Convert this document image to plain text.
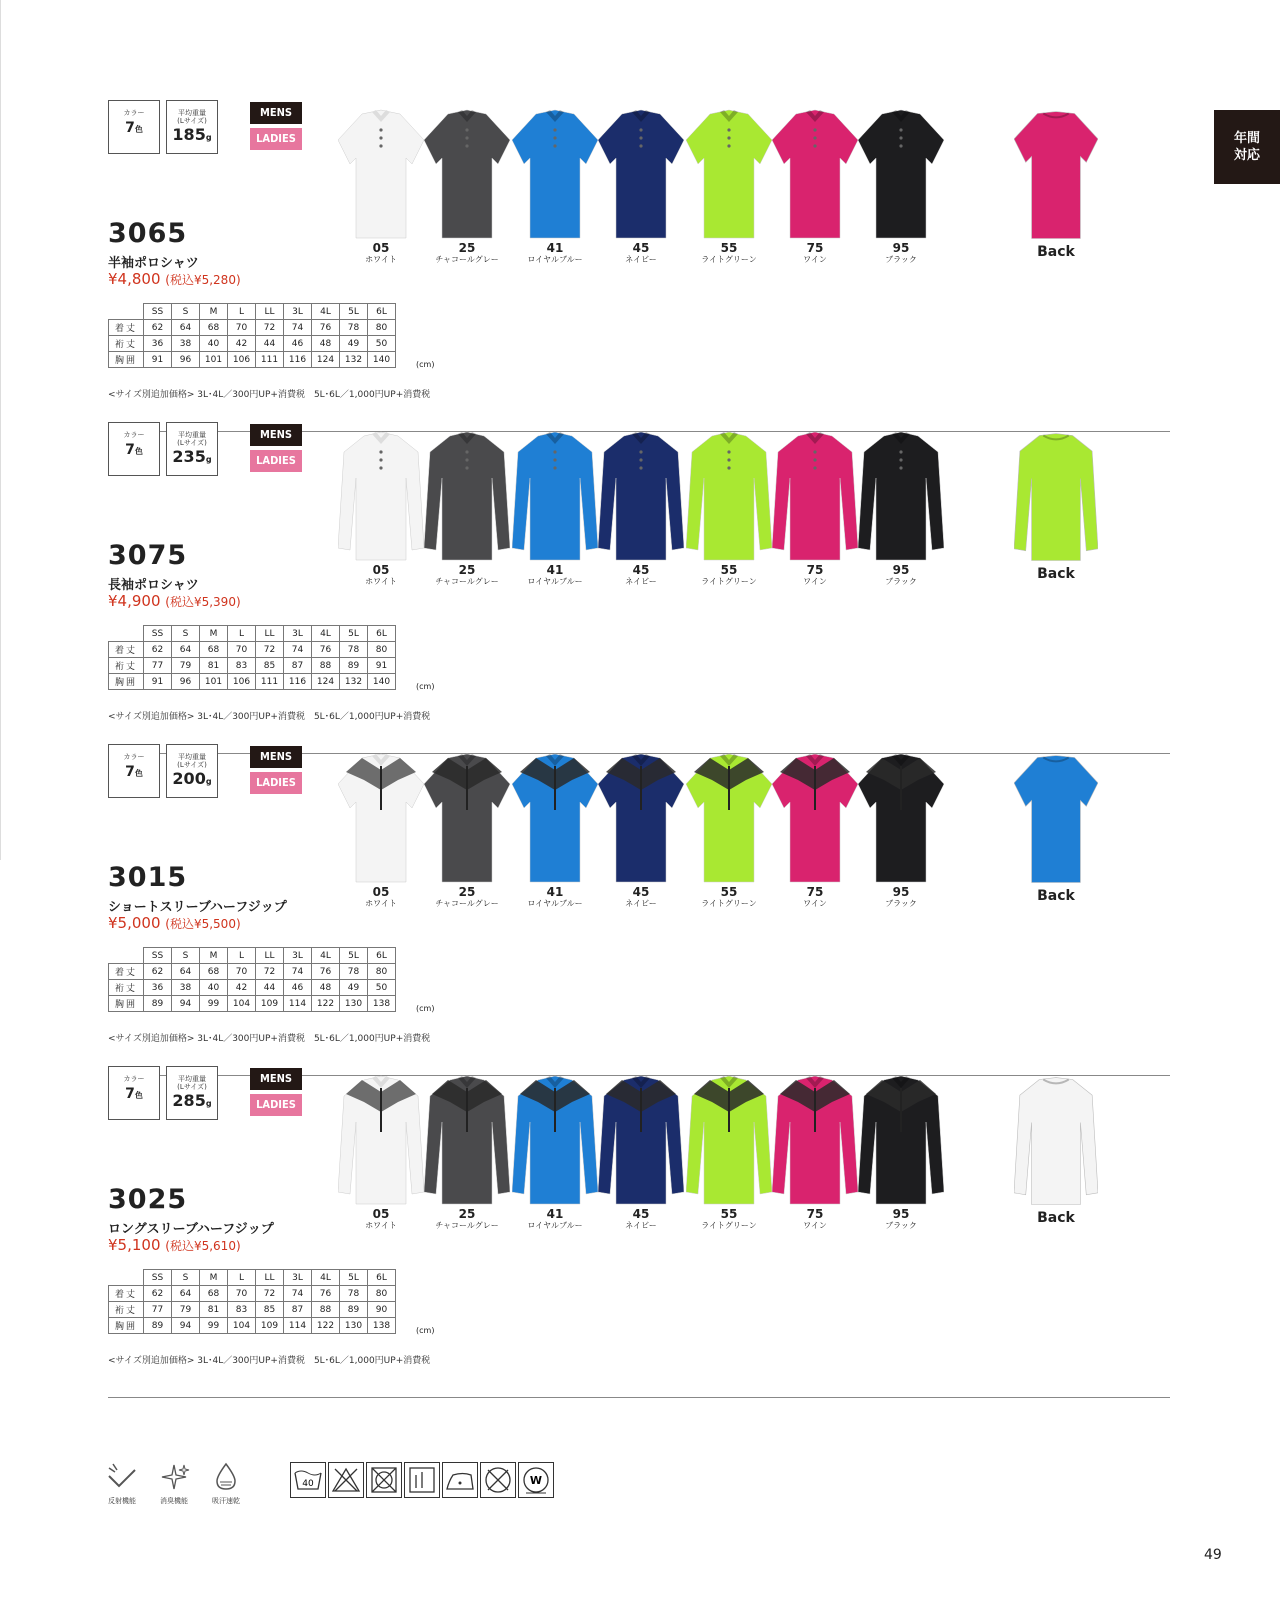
年間
対応
カラー
7色
平均重量
(Lサイズ)
185g
MENS
LADIES
3065
半袖ポロシャツ
¥4,800 (税込¥5,280)
	SS	S	M	L	LL	3L	4L	5L	6L
着丈	62	64	68	70	72	74	76	78	80
裄丈	36	38	40	42	44	46	48	49	50
胸囲	91	96	101	106	111	116	124	132	140	(cm)
<サイズ別追加価格> 3L･4L／300円UP+消費税　5L･6L／1,000円UP+消費税
05
ホワイト
25
チャコールグレー
41
ロイヤルブルー
45
ネイビー
55
ライトグリーン
75
ワイン
95
ブラック	Back
カラー
7色
平均重量
(Lサイズ)
235g
MENS
LADIES
3075
長袖ポロシャツ
¥4,900 (税込¥5,390)
	SS	S	M	L	LL	3L	4L	5L	6L
着丈	62	64	68	70	72	74	76	78	80
裄丈	77	79	81	83	85	87	88	89	91
胸囲	91	96	101	106	111	116	124	132	140	(cm)
<サイズ別追加価格> 3L･4L／300円UP+消費税　5L･6L／1,000円UP+消費税
05
ホワイト
25
チャコールグレー
41
ロイヤルブルー
45
ネイビー
55
ライトグリーン
75
ワイン
95
ブラック	Back
カラー
7色
平均重量
(Lサイズ)
200g
MENS
LADIES
3015
ショートスリーブハーフジップ
¥5,000 (税込¥5,500)
	SS	S	M	L	LL	3L	4L	5L	6L
着丈	62	64	68	70	72	74	76	78	80
裄丈	36	38	40	42	44	46	48	49	50
胸囲	89	94	99	104	109	114	122	130	138	(cm)
<サイズ別追加価格> 3L･4L／300円UP+消費税　5L･6L／1,000円UP+消費税
05
ホワイト
25
チャコールグレー
41
ロイヤルブルー
45
ネイビー
55
ライトグリーン
75
ワイン
95
ブラック	Back
カラー
7色
平均重量
(Lサイズ)
285g
MENS
LADIES
3025
ロングスリーブハーフジップ
¥5,100 (税込¥5,610)
	SS	S	M	L	LL	3L	4L	5L	6L
着丈	62	64	68	70	72	74	76	78	80
裄丈	77	79	81	83	85	87	88	89	90
胸囲	89	94	99	104	109	114	122	130	138	(cm)
<サイズ別追加価格> 3L･4L／300円UP+消費税　5L･6L／1,000円UP+消費税
05
ホワイト
25
チャコールグレー
41
ロイヤルブルー
45
ネイビー
55
ライトグリーン
75
ワイン
95
ブラック	Back
反射機能	消臭機能	吸汗速乾
40	W
49
